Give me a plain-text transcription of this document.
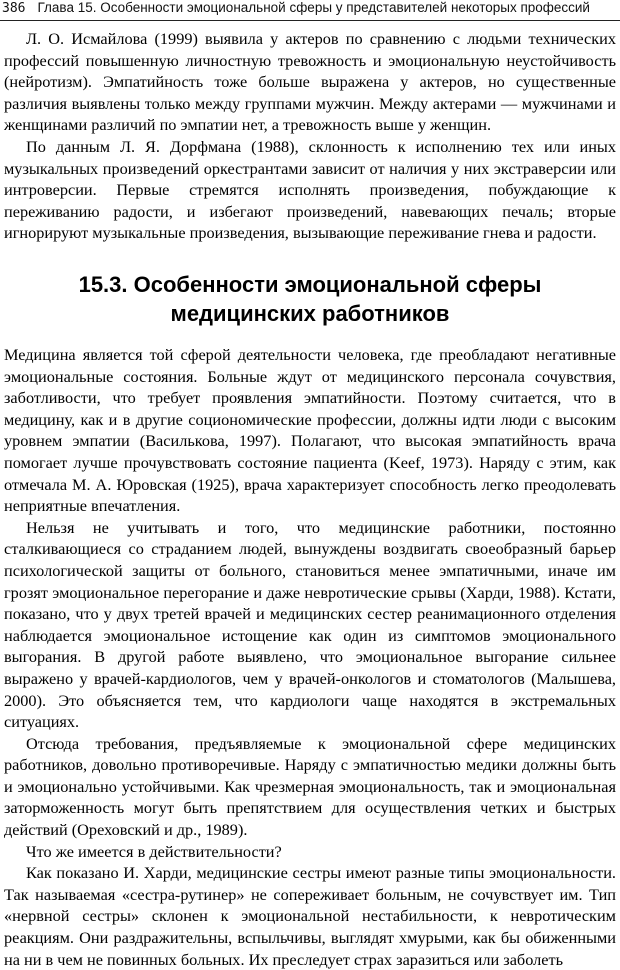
386 Глава 15. Особенности эмоциональной сферы у представителей некоторых профессий

Л. О. Исмайлова (1999) выявила у актеров по сравнению с людьми технических профессий повышенную личностную тревожность и эмоциональную неустойчивость (нейротизм). Эмпатийность тоже больше выражена у актеров, но существенные различия выявлены только между группами мужчин. Между актерами — мужчинами и женщинами различий по эмпатии нет, а тревожность выше у женщин.

По данным Л. Я. Дорфмана (1988), склонность к исполнению тех или иных музыкальных произведений оркестрантами зависит от наличия у них экстраверсии или интроверсии. Первые стремятся исполнять произведения, побуждающие к переживанию радости, и избегают произведений, навевающих печаль; вторые игнорируют музыкальные произведения, вызывающие переживание гнева и радости.

15.3. Особенности эмоциональной сферы
медицинских работников

Медицина является той сферой деятельности человека, где преобладают негативные эмоциональные состояния. Больные ждут от медицинского персонала сочувствия, заботливости, что требует проявления эмпатийности. Поэтому считается, что в медицину, как и в другие социономические профессии, должны идти люди с высоким уровнем эмпатии (Василькова, 1997). Полагают, что высокая эмпатийность врача помогает лучше прочувствовать состояние пациента (Keef, 1973). Наряду с этим, как отмечала М. А. Юровская (1925), врача характеризует способность легко преодолевать неприятные впечатления.

Нельзя не учитывать и того, что медицинские работники, постоянно сталкивающиеся со страданием людей, вынуждены воздвигать своеобразный барьер психологической защиты от больного, становиться менее эмпатичными, иначе им грозят эмоциональное перегорание и даже невротические срывы (Харди, 1988). Кстати, показано, что у двух третей врачей и медицинских сестер реанимационного отделения наблюдается эмоциональное истощение как один из симптомов эмоционального выгорания. В другой работе выявлено, что эмоциональное выгорание сильнее выражено у врачей-кардиологов, чем у врачей-онкологов и стоматологов (Малышева, 2000). Это объясняется тем, что кардиологи чаще находятся в экстремальных ситуациях.

Отсюда требования, предъявляемые к эмоциональной сфере медицинских работников, довольно противоречивые. Наряду с эмпатичностью медики должны быть и эмоционально устойчивыми. Как чрезмерная эмоциональность, так и эмоциональная заторможенность могут быть препятствием для осуществления четких и быстрых действий (Ореховский и др., 1989).

Что же имеется в действительности?

Как показано И. Харди, медицинские сестры имеют разные типы эмоциональности. Так называемая «сестра-рутинер» не сопереживает больным, не сочувствует им. Тип «нервной сестры» склонен к эмоциональной нестабильности, к невротическим реакциям. Они раздражительны, вспыльчивы, выглядят хмурыми, как бы обиженными на ни в чем не повинных больных. Их преследует страх заразиться или заболеть
